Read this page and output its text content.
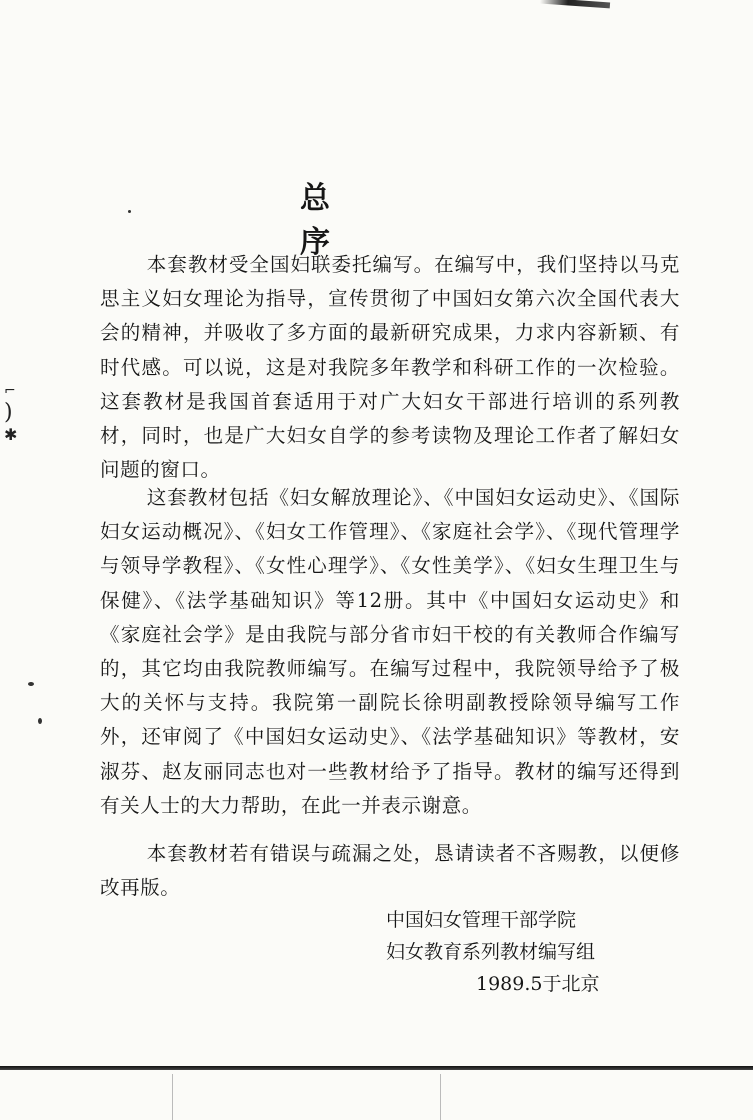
⌐
)
✱
总 序

本套教材受全国妇联委托编写。在编写中，我们坚持以马克思主义妇女理论为指导，宣传贯彻了中国妇女第六次全国代表大会的精神，并吸收了多方面的最新研究成果，力求内容新颖、有时代感。可以说，这是对我院多年教学和科研工作的一次检验。这套教材是我国首套适用于对广大妇女干部进行培训的系列教材，同时，也是广大妇女自学的参考读物及理论工作者了解妇女问题的窗口。

这套教材包括《妇女解放理论》、《中国妇女运动史》、《国际妇女运动概况》、《妇女工作管理》、《家庭社会学》、《现代管理学与领导学教程》、《女性心理学》、《女性美学》、《妇女生理卫生与保健》、《法学基础知识》等12册。其中《中国妇女运动史》和《家庭社会学》是由我院与部分省市妇干校的有关教师合作编写的，其它均由我院教师编写。在编写过程中，我院领导给予了极大的关怀与支持。我院第一副院长徐明副教授除领导编写工作外，还审阅了《中国妇女运动史》、《法学基础知识》等教材，安淑芬、赵友丽同志也对一些教材给予了指导。教材的编写还得到有关人士的大力帮助，在此一并表示谢意。

本套教材若有错误与疏漏之处，恳请读者不吝赐教，以便修改再版。

中国妇女管理干部学院
妇女教育系列教材编写组
1989.5于北京
